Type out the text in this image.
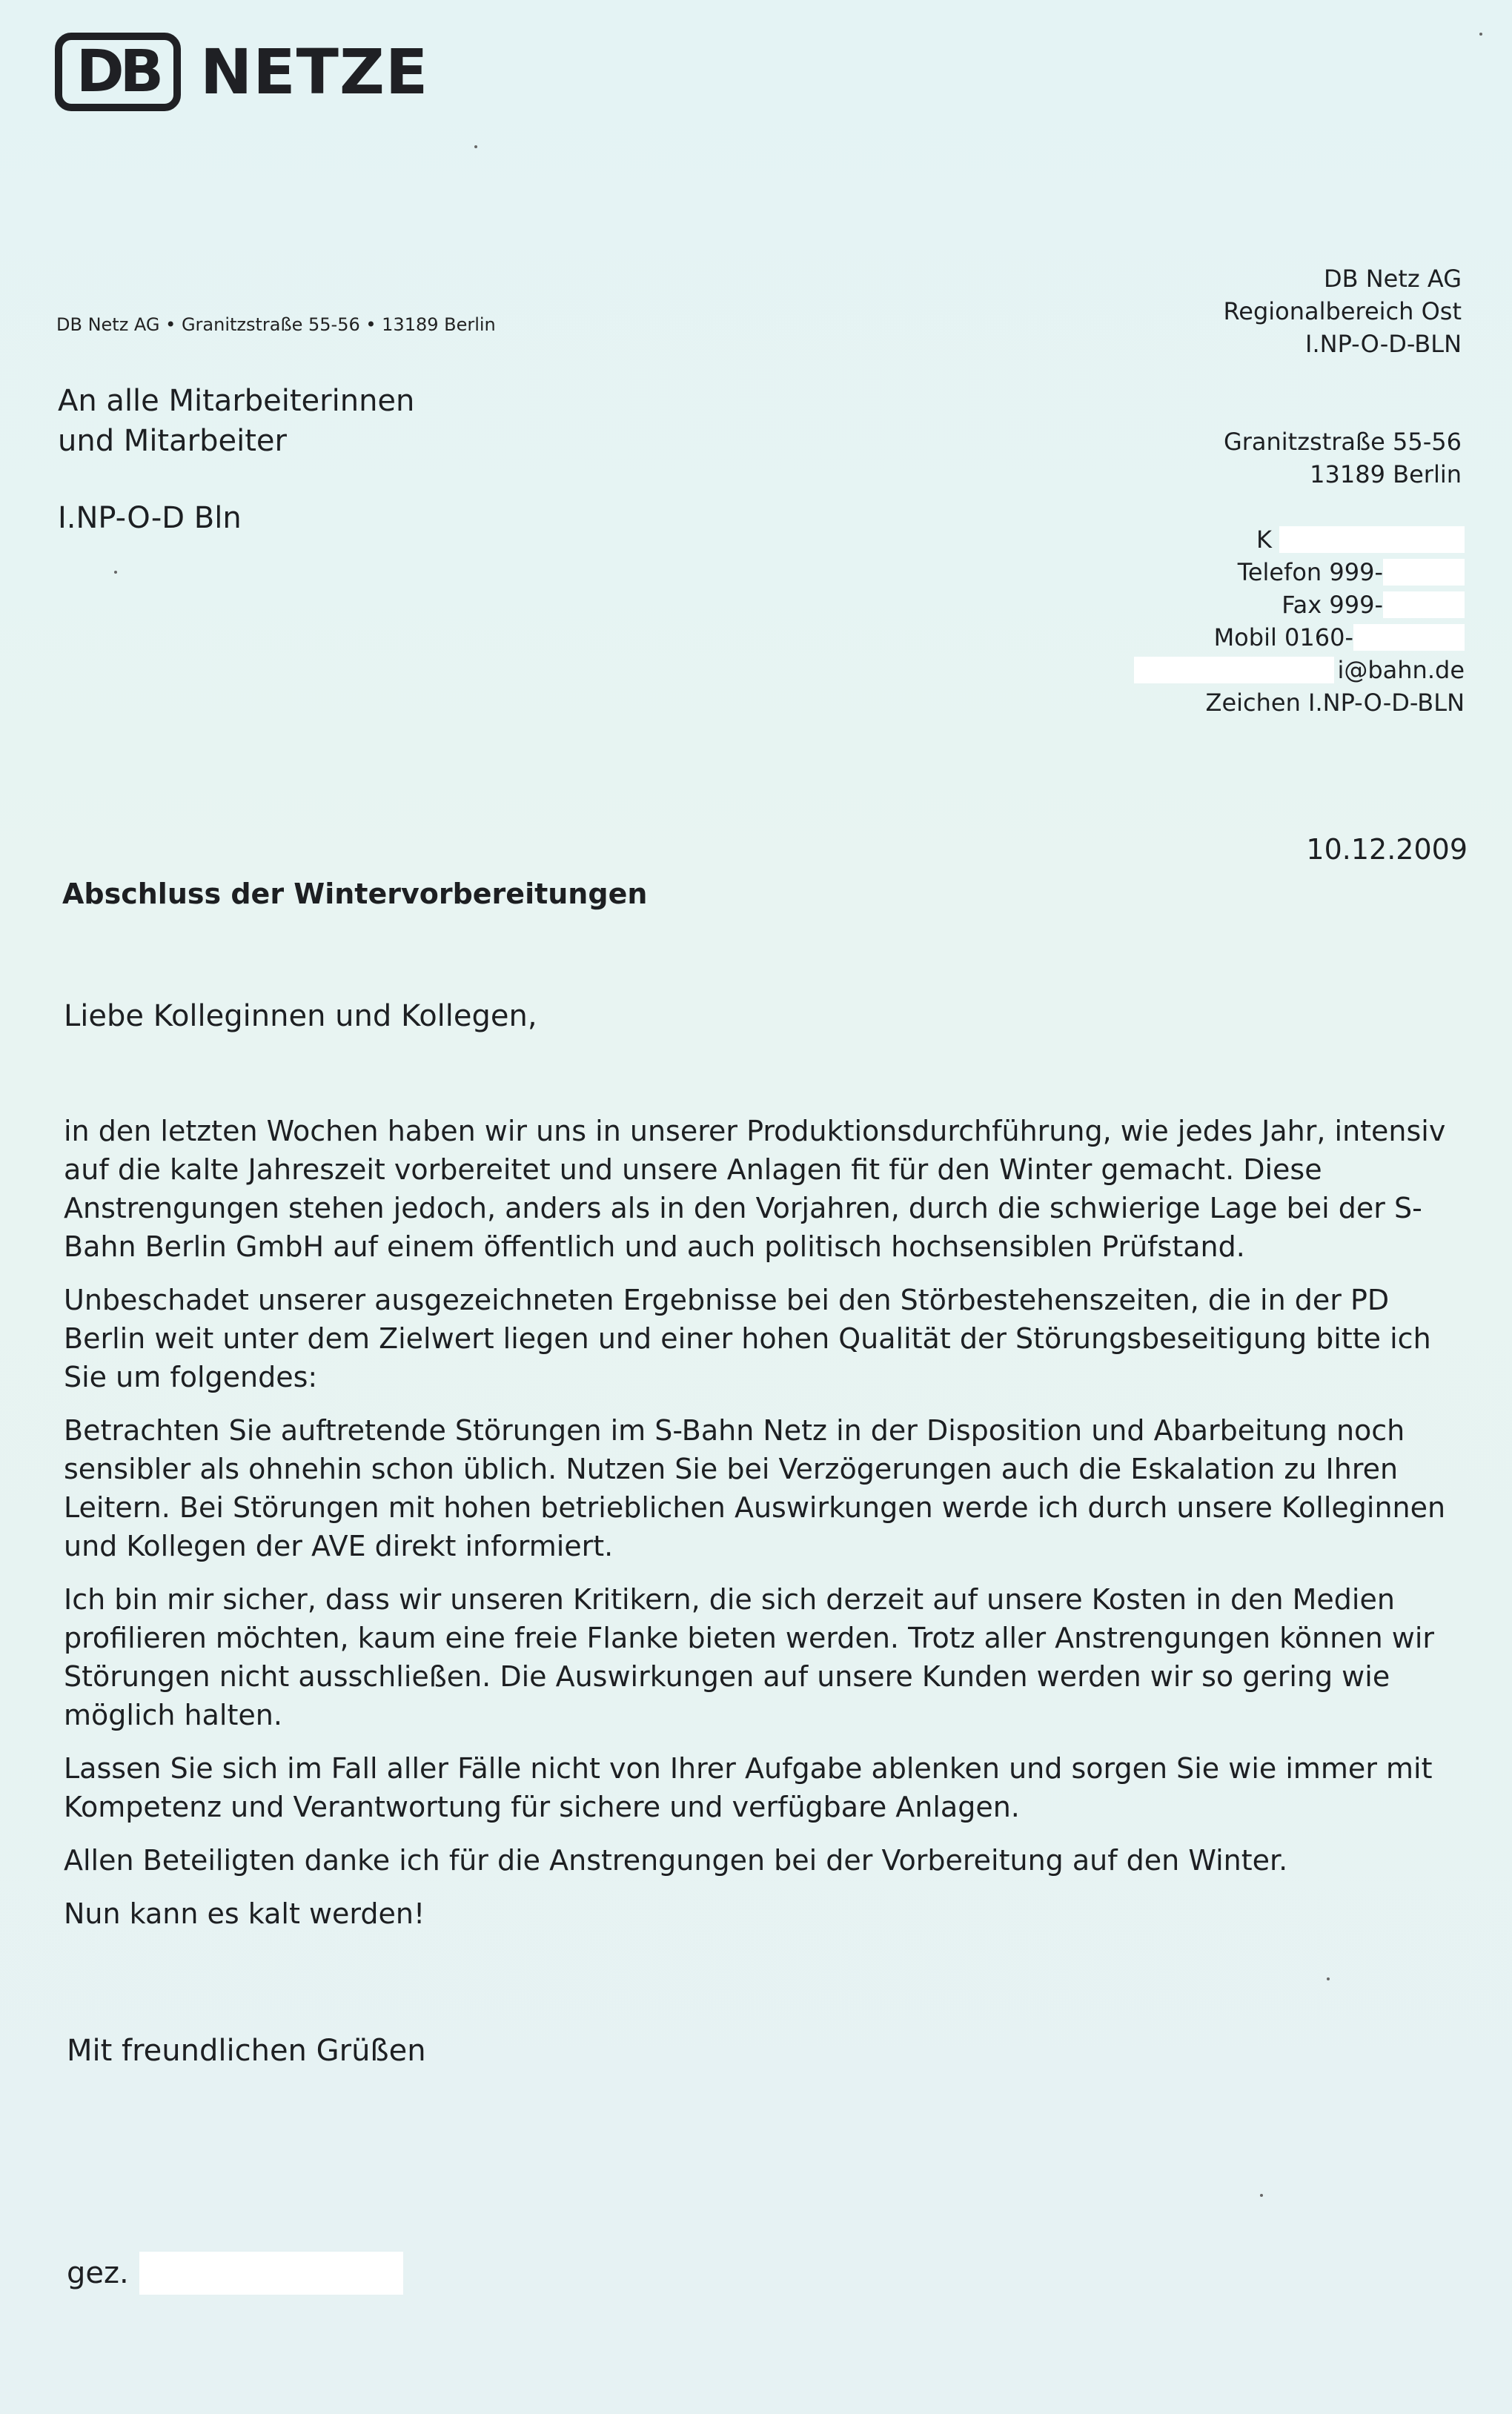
DB NETZE
DB Netz AG • Granitzstraße 55-56 • 13189 Berlin
An alle Mitarbeiterinnen
und Mitarbeiter
I.NP-O-D Bln
DB Netz AG
Regionalbereich Ost
I.NP-O-D-BLN
Granitzstraße 55-56
13189 Berlin
K
Telefon 999-
Fax 999-
Mobil 0160-
i@bahn.de
Zeichen I.NP-O-D-BLN
10.12.2009
Abschluss der Wintervorbereitungen
Liebe Kolleginnen und Kollegen,

in den letzten Wochen haben wir uns in unserer Produktionsdurchführung, wie jedes Jahr, intensiv auf die kalte Jahreszeit vorbereitet und unsere Anlagen fit für den Winter gemacht. Diese Anstrengungen stehen jedoch, anders als in den Vorjahren, durch die schwierige Lage bei der S-Bahn Berlin GmbH auf einem öffentlich und auch politisch hochsensiblen Prüfstand.

Unbeschadet unserer ausgezeichneten Ergebnisse bei den Störbestehenszeiten, die in der PD Berlin weit unter dem Zielwert liegen und einer hohen Qualität der Störungsbeseitigung bitte ich Sie um folgendes:

Betrachten Sie auftretende Störungen im S-Bahn Netz in der Disposition und Abarbeitung noch sensibler als ohnehin schon üblich. Nutzen Sie bei Verzögerungen auch die Eskalation zu Ihren Leitern. Bei Störungen mit hohen betrieblichen Auswirkungen werde ich durch unsere Kolleginnen und Kollegen der AVE direkt informiert.

Ich bin mir sicher, dass wir unseren Kritikern, die sich derzeit auf unsere Kosten in den Medien profilieren möchten, kaum eine freie Flanke bieten werden. Trotz aller Anstrengungen können wir Störungen nicht ausschließen. Die Auswirkungen auf unsere Kunden werden wir so gering wie möglich halten.

Lassen Sie sich im Fall aller Fälle nicht von Ihrer Aufgabe ablenken und sorgen Sie wie immer mit Kompetenz und Verantwortung für sichere und verfügbare Anlagen.

Allen Beteiligten danke ich für die Anstrengungen bei der Vorbereitung auf den Winter.

Nun kann es kalt werden!

Mit freundlichen Grüßen
gez.
